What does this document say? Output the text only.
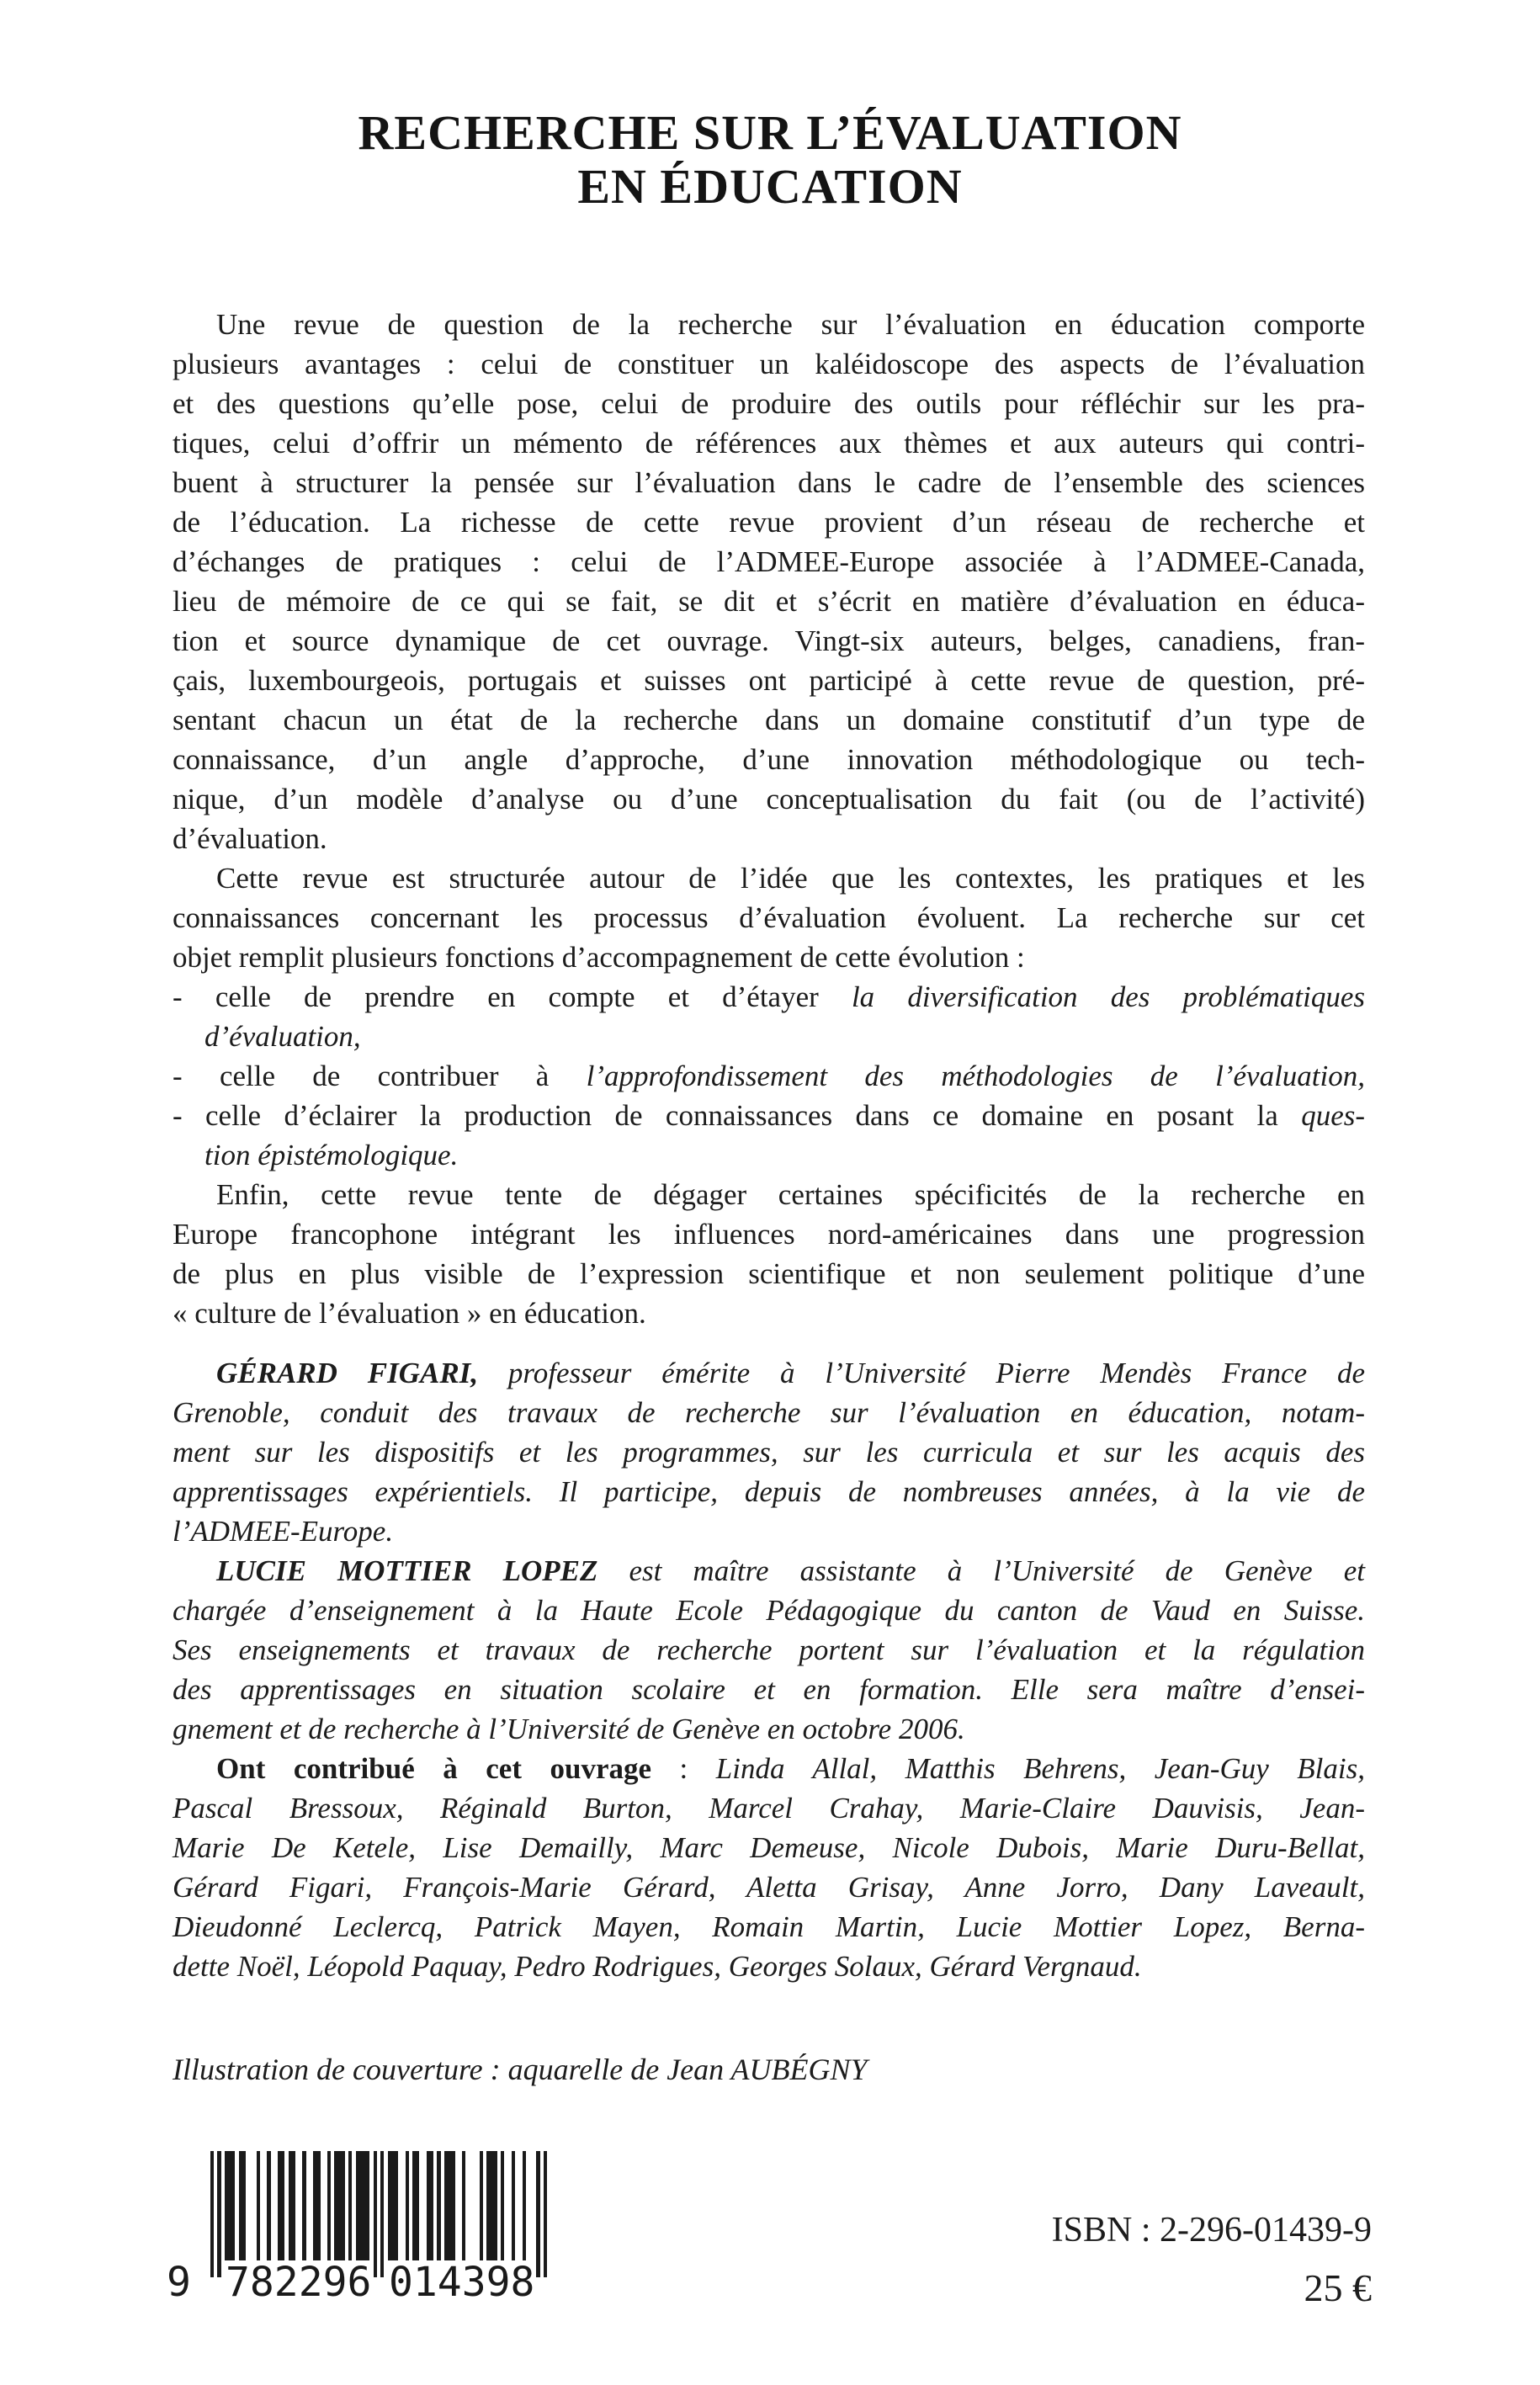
RECHERCHE SUR L’ÉVALUATION
EN ÉDUCATION
Une revue de question de la recherche sur l’évaluation en éducation comporte
plusieurs avantages : celui de constituer un kaléidoscope des aspects de l’évaluation
et des questions qu’elle pose, celui de produire des outils pour réfléchir sur les pra-
tiques, celui d’offrir un mémento de références aux thèmes et aux auteurs qui contri-
buent à structurer la pensée sur l’évaluation dans le cadre de l’ensemble des sciences
de l’éducation. La richesse de cette revue provient d’un réseau de recherche et
d’échanges de pratiques : celui de l’ADMEE-Europe associée à l’ADMEE-Canada,
lieu de mémoire de ce qui se fait, se dit et s’écrit en matière d’évaluation en éduca-
tion et source dynamique de cet ouvrage. Vingt-six auteurs, belges, canadiens, fran-
çais, luxembourgeois, portugais et suisses ont participé à cette revue de question, pré-
sentant chacun un état de la recherche dans un domaine constitutif d’un type de
connaissance, d’un angle d’approche, d’une innovation méthodologique ou tech-
nique, d’un modèle d’analyse ou d’une conceptualisation du fait (ou de l’activité)
d’évaluation.
Cette revue est structurée autour de l’idée que les contextes, les pratiques et les
connaissances concernant les processus d’évaluation évoluent. La recherche sur cet
objet remplit plusieurs fonctions d’accompagnement de cette évolution :
- celle de prendre en compte et d’étayer la diversification des problématiques
d’évaluation,
- celle de contribuer à l’approfondissement des méthodologies de l’évaluation,
- celle d’éclairer la production de connaissances dans ce domaine en posant la ques-
tion épistémologique.
Enfin, cette revue tente de dégager certaines spécificités de la recherche en
Europe francophone intégrant les influences nord-américaines dans une progression
de plus en plus visible de l’expression scientifique et non seulement politique d’une
« culture de l’évaluation » en éducation.
GÉRARD FIGARI, professeur émérite à l’Université Pierre Mendès France de
Grenoble, conduit des travaux de recherche sur l’évaluation en éducation, notam-
ment sur les dispositifs et les programmes, sur les curricula et sur les acquis des
apprentissages expérientiels. Il participe, depuis de nombreuses années, à la vie de
l’ADMEE-Europe.
LUCIE MOTTIER LOPEZ est maître assistante à l’Université de Genève et
chargée d’enseignement à la Haute Ecole Pédagogique du canton de Vaud en Suisse.
Ses enseignements et travaux de recherche portent sur l’évaluation et la régulation
des apprentissages en situation scolaire et en formation. Elle sera maître d’ensei-
gnement et de recherche à l’Université de Genève en octobre 2006.
Ont contribué à cet ouvrage : Linda Allal, Matthis Behrens, Jean-Guy Blais,
Pascal Bressoux, Réginald Burton, Marcel Crahay, Marie-Claire Dauvisis, Jean-
Marie De Ketele, Lise Demailly, Marc Demeuse, Nicole Dubois, Marie Duru-Bellat,
Gérard Figari, François-Marie Gérard, Aletta Grisay, Anne Jorro, Dany Laveault,
Dieudonné Leclercq, Patrick Mayen, Romain Martin, Lucie Mottier Lopez, Berna-
dette Noël, Léopold Paquay, Pedro Rodrigues, Georges Solaux, Gérard Vergnaud.
Illustration de couverture : aquarelle de Jean AUBÉGNY
9 782296 014398
ISBN : 2-296-01439-9
25 €
